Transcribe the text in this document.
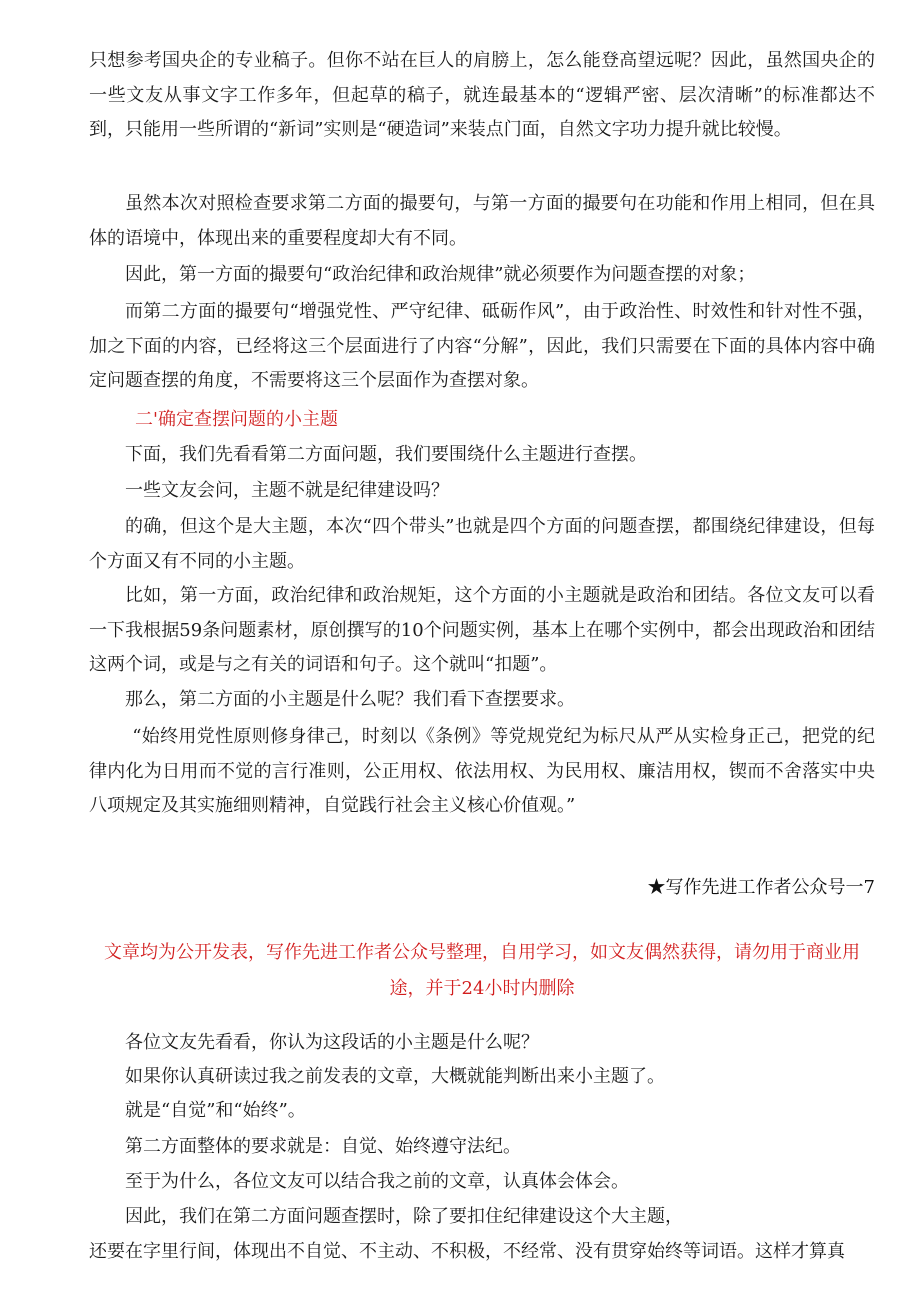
只想参考国央企的专业稿子。但你不站在巨人的肩膀上，怎么能登高望远呢？因此，虽然国央企的一些文友从事文字工作多年，但起草的稿子，就连最基本的“逻辑严密、层次清晰”的标准都达不到，只能用一些所谓的“新词”实则是“硬造词”来装点门面，自然文字功力提升就比较慢。

虽然本次对照检查要求第二方面的撮要句，与第一方面的撮要句在功能和作用上相同，但在具体的语境中，体现出来的重要程度却大有不同。

因此，第一方面的撮要句“政治纪律和政治规律”就必须要作为问题查摆的对象；

而第二方面的撮要句“增强党性、严守纪律、砥砺作风”，由于政治性、时效性和针对性不强，加之下面的内容，已经将这三个层面进行了内容“分解”，因此，我们只需要在下面的具体内容中确定问题查摆的角度，不需要将这三个层面作为查摆对象。

二'确定查摆问题的小主题

下面，我们先看看第二方面问题，我们要围绕什么主题进行查摆。

一些文友会问，主题不就是纪律建设吗？

的确，但这个是大主题，本次“四个带头”也就是四个方面的问题查摆，都围绕纪律建设，但每个方面又有不同的小主题。

比如，第一方面，政治纪律和政治规矩，这个方面的小主题就是政治和团结。各位文友可以看一下我根据59条问题素材，原创撰写的10个问题实例，基本上在哪个实例中，都会出现政治和团结这两个词，或是与之有关的词语和句子。这个就叫“扣题”。

那么，第二方面的小主题是什么呢？我们看下查摆要求。

“始终用党性原则修身律己，时刻以《条例》等党规党纪为标尺从严从实检身正己，把党的纪律内化为日用而不觉的言行准则，公正用权、依法用权、为民用权、廉洁用权，锲而不舍落实中央八项规定及其实施细则精神，自觉践行社会主义核心价值观。”

★写作先进工作者公众号一7

文章均为公开发表，写作先进工作者公众号整理，自用学习，如文友偶然获得，请勿用于商业用途，并于24小时内删除

各位文友先看看，你认为这段话的小主题是什么呢？

如果你认真研读过我之前发表的文章，大概就能判断出来小主题了。

就是“自觉”和“始终”。

第二方面整体的要求就是：自觉、始终遵守法纪。

至于为什么，各位文友可以结合我之前的文章，认真体会体会。

因此，我们在第二方面问题查摆时，除了要扣住纪律建设这个大主题，

还要在字里行间，体现出不自觉、不主动、不积极，不经常、没有贯穿始终等词语。这样才算真
